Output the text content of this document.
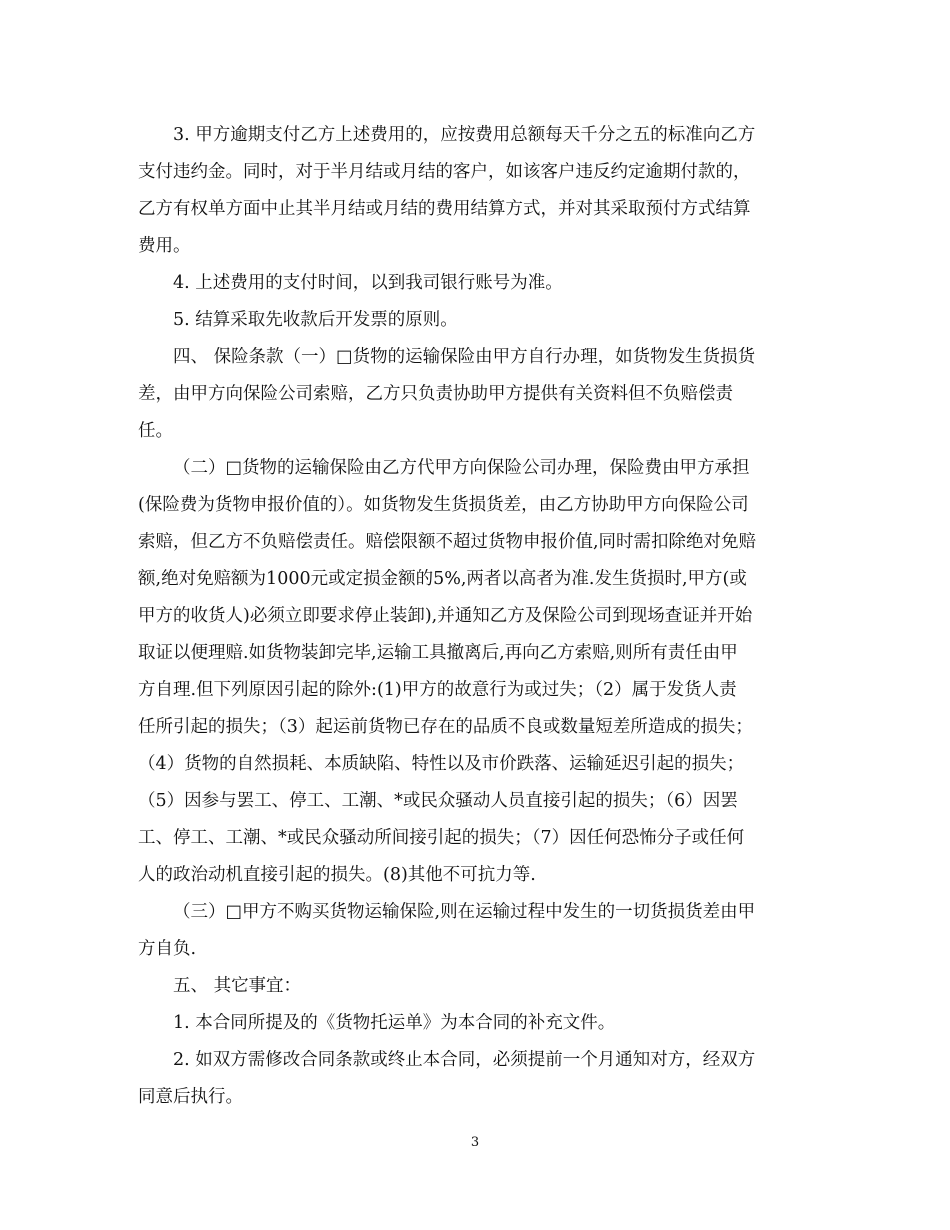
3. 甲方逾期支付乙方上述费用的，应按费用总额每天千分之五的标准向乙方
支付违约金。同时，对于半月结或月结的客户，如该客户违反约定逾期付款的，
乙方有权单方面中止其半月结或月结的费用结算方式，并对其采取预付方式结算
费用。

4. 上述费用的支付时间，以到我司银行账号为准。

5. 结算采取先收款后开发票的原则。

四、 保险条款（一）□货物的运输保险由甲方自行办理，如货物发生货损货
差，由甲方向保险公司索赔，乙方只负责协助甲方提供有关资料但不负赔偿责
任。

（二）□货物的运输保险由乙方代甲方向保险公司办理，保险费由甲方承担
(保险费为货物申报价值的）。如货物发生货损货差，由乙方协助甲方向保险公司
索赔，但乙方不负赔偿责任。赔偿限额不超过货物申报价值,同时需扣除绝对免赔
额,绝对免赔额为1000元或定损金额的5%,两者以高者为准.发生货损时,甲方(或
甲方的收货人)必须立即要求停止装卸),并通知乙方及保险公司到现场查证并开始
取证以便理赔.如货物装卸完毕,运输工具撤离后,再向乙方索赔,则所有责任由甲
方自理.但下列原因引起的除外:(1)甲方的故意行为或过失；（2）属于发货人责
任所引起的损失；（3）起运前货物已存在的品质不良或数量短差所造成的损失；
（4）货物的自然损耗、本质缺陷、特性以及市价跌落、运输延迟引起的损失；
（5）因参与罢工、停工、工潮、*或民众骚动人员直接引起的损失；（6）因罢
工、停工、工潮、*或民众骚动所间接引起的损失；（7）因任何恐怖分子或任何
人的政治动机直接引起的损失。(8)其他不可抗力等.

（三）□甲方不购买货物运输保险,则在运输过程中发生的一切货损货差由甲
方自负.

五、 其它事宜：

1. 本合同所提及的《货物托运单》为本合同的补充文件。

2. 如双方需修改合同条款或终止本合同，必须提前一个月通知对方，经双方
同意后执行。

3
